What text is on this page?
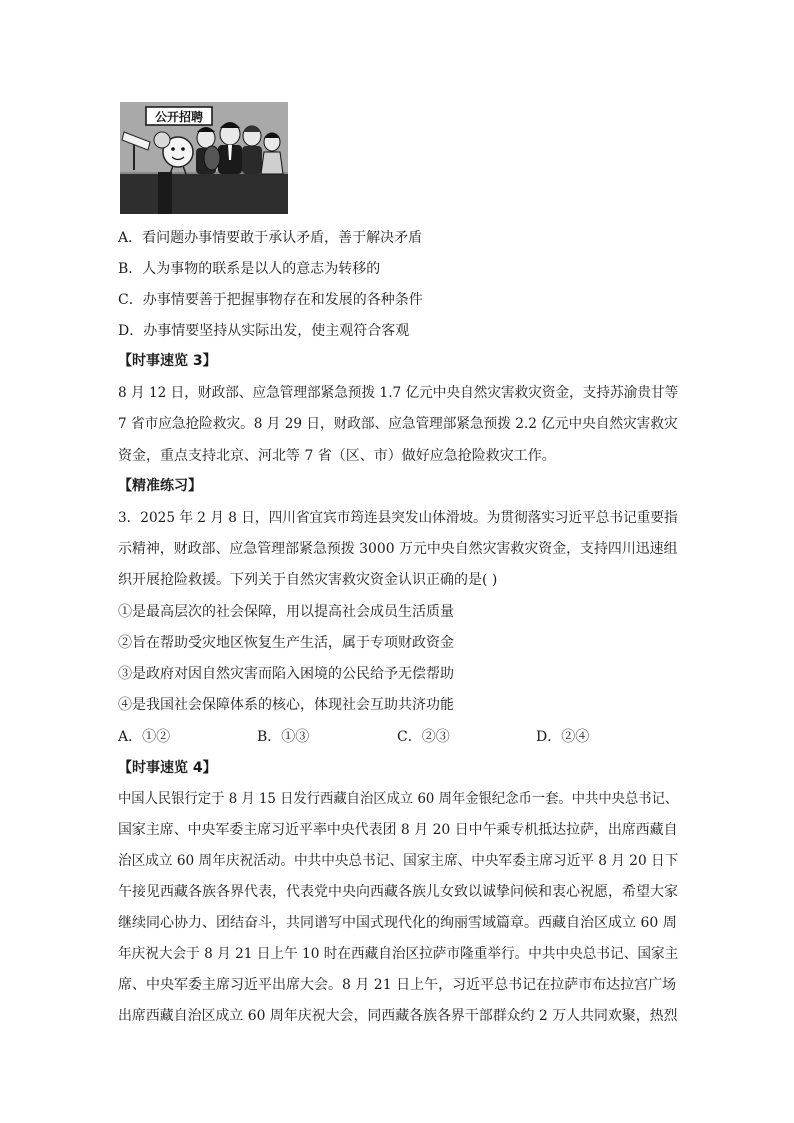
公开招聘
A．看问题办事情要敢于承认矛盾，善于解决矛盾
B．人为事物的联系是以人的意志为转移的
C．办事情要善于把握事物存在和发展的各种条件
D．办事情要坚持从实际出发，使主观符合客观
【时事速览 3】
8 月 12 日，财政部、应急管理部紧急预拨 1.7 亿元中央自然灾害救灾资金，支持苏渝贵甘等
7 省市应急抢险救灾。8 月 29 日，财政部、应急管理部紧急预拨 2.2 亿元中央自然灾害救灾
资金，重点支持北京、河北等 7 省（区、市）做好应急抢险救灾工作。
【精准练习】
3．2025 年 2 月 8 日，四川省宜宾市筠连县突发山体滑坡。为贯彻落实习近平总书记重要指
示精神，财政部、应急管理部紧急预拨 3000 万元中央自然灾害救灾资金，支持四川迅速组
织开展抢险救援。下列关于自然灾害救灾资金认识正确的是( )
①是最高层次的社会保障，用以提高社会成员生活质量
②旨在帮助受灾地区恢复生产生活，属于专项财政资金
③是政府对因自然灾害而陷入困境的公民给予无偿帮助
④是我国社会保障体系的核心，体现社会互助共济功能
A．①②	B．①③	C．②③	D．②④
【时事速览 4】
中国人民银行定于 8 月 15 日发行西藏自治区成立 60 周年金银纪念币一套。中共中央总书记、
国家主席、中央军委主席习近平率中央代表团 8 月 20 日中午乘专机抵达拉萨，出席西藏自
治区成立 60 周年庆祝活动。中共中央总书记、国家主席、中央军委主席习近平 8 月 20 日下
午接见西藏各族各界代表，代表党中央向西藏各族儿女致以诚挚问候和衷心祝愿，希望大家
继续同心协力、团结奋斗，共同谱写中国式现代化的绚丽雪域篇章。西藏自治区成立 60 周
年庆祝大会于 8 月 21 日上午 10 时在西藏自治区拉萨市隆重举行。中共中央总书记、国家主
席、中央军委主席习近平出席大会。8 月 21 日上午，习近平总书记在拉萨市布达拉宫广场
出席西藏自治区成立 60 周年庆祝大会，同西藏各族各界干部群众约 2 万人共同欢聚，热烈
